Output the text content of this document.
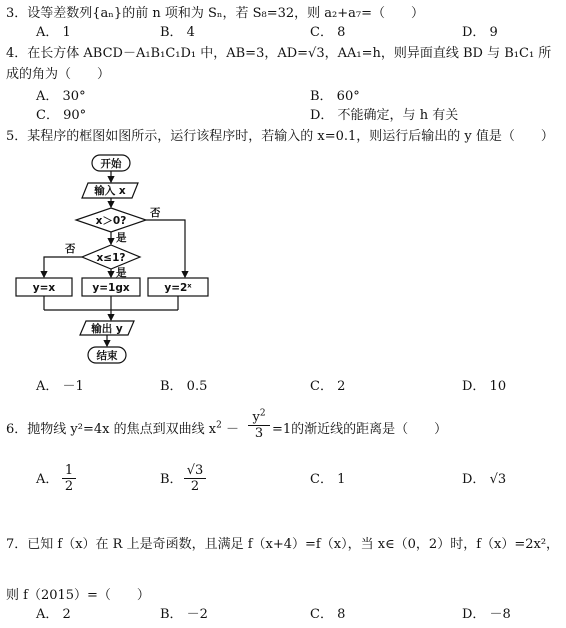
3．设等差数列{aₙ}的前 n 项和为 Sₙ，若 S₈=32，则 a₂+a₇=（　　）
A． 1	B． 4	C． 8	D． 9
4．在长方体 ABCD－A₁B₁C₁D₁ 中，AB=3，AD=√3，AA₁=h，则异面直线 BD 与 B₁C₁ 所
成的角为（　　）
A． 30°	B． 60°
C． 90°	D． 不能确定，与 h 有关
5．某程序的框图如图所示，运行该程序时，若输入的 x=0.1，则运行后输出的 y 值是（　　）
开始
输入 x
x＞0?
否
是
x≤1?
否
是
y=x	y=1gx	y=2ˣ
输出 y
结束
A． －1	B． 0.5	C． 2	D． 10
6．抛物线 y²=4x 的焦点到双曲线 $x^2 - \frac{y^2}{3} =1$的渐近线的距离是（　　）
A． $\frac{1}{2}$	B． $\frac{√3}{2}$	C． 1	D． √3
7．已知 f（x）在 R 上是奇函数，且满足 f（x+4）=f（x），当 x∈（0，2）时，f（x）=2x²，
则 f（2015）=（　　）
A． 2	B． －2	C． 8	D． －8
